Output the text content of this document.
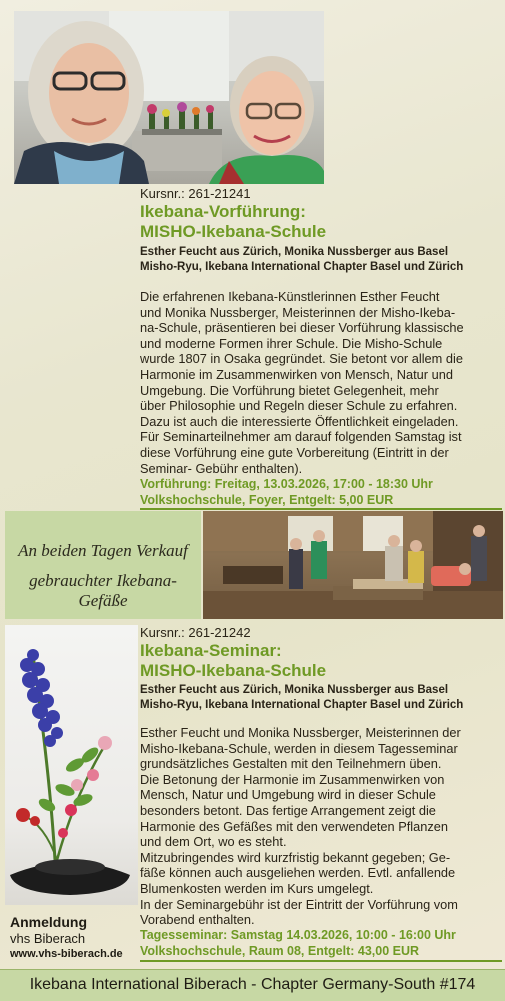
Kursnr.: 261-21241
Ikebana-Vorführung:
MISHO-Ikebana-Schule
Esther Feucht aus Zürich, Monika Nussberger aus Basel
Misho-Ryu, Ikebana International Chapter Basel und Zürich
Die erfahrenen Ikebana-Künstlerinnen Esther Feucht
und Monika Nussberger, Meisterinnen der Misho-Ikeba-
na-Schule, präsentieren bei dieser Vorführung klassische
und moderne Formen ihrer Schule. Die Misho-Schule
wurde 1807 in Osaka gegründet. Sie betont vor allem die
Harmonie im Zusammenwirken von Mensch, Natur und
Umgebung. Die Vorführung bietet Gelegenheit, mehr
über Philosophie und Regeln dieser Schule zu erfahren.
Dazu ist auch die interessierte Öffentlichkeit eingeladen.
Für Seminarteilnehmer am darauf folgenden Samstag ist
diese Vorführung eine gute Vorbereitung (Eintritt in der
Seminar- Gebühr enthalten).
Vorführung: Freitag, 13.03.2026, 17:00 - 18:30 Uhr
Volkshochschule, Foyer, Entgelt: 5,00 EUR
An beiden Tagen Verkauf
gebrauchter Ikebana-Gefäße
Kursnr.: 261-21242
Ikebana-Seminar:
MISHO-Ikebana-Schule
Esther Feucht aus Zürich, Monika Nussberger aus Basel
Misho-Ryu, Ikebana International Chapter Basel und Zürich
Esther Feucht und Monika Nussberger, Meisterinnen der
Misho-Ikebana-Schule, werden in diesem Tagesseminar
grundsätzliches Gestalten mit den Teilnehmern üben.
Die Betonung der Harmonie im Zusammenwirken von
Mensch, Natur und Umgebung wird in dieser Schule
besonders betont. Das fertige Arrangement zeigt die
Harmonie des Gefäßes mit den verwendeten Pflanzen
und dem Ort, wo es steht.
Mitzubringendes wird kurzfristig bekannt gegeben; Ge-
fäße können auch ausgeliehen werden. Evtl. anfallende
Blumenkosten werden im Kurs umgelegt.
In der Seminargebühr ist der Eintritt der Vorführung vom
Vorabend enthalten.
Tagesseminar: Samstag 14.03.2026, 10:00 - 16:00 Uhr
Volkshochschule, Raum 08, Entgelt: 43,00 EUR
Anmeldung
vhs Biberach
www.vhs-biberach.de
Ikebana International Biberach - Chapter Germany-South #174
